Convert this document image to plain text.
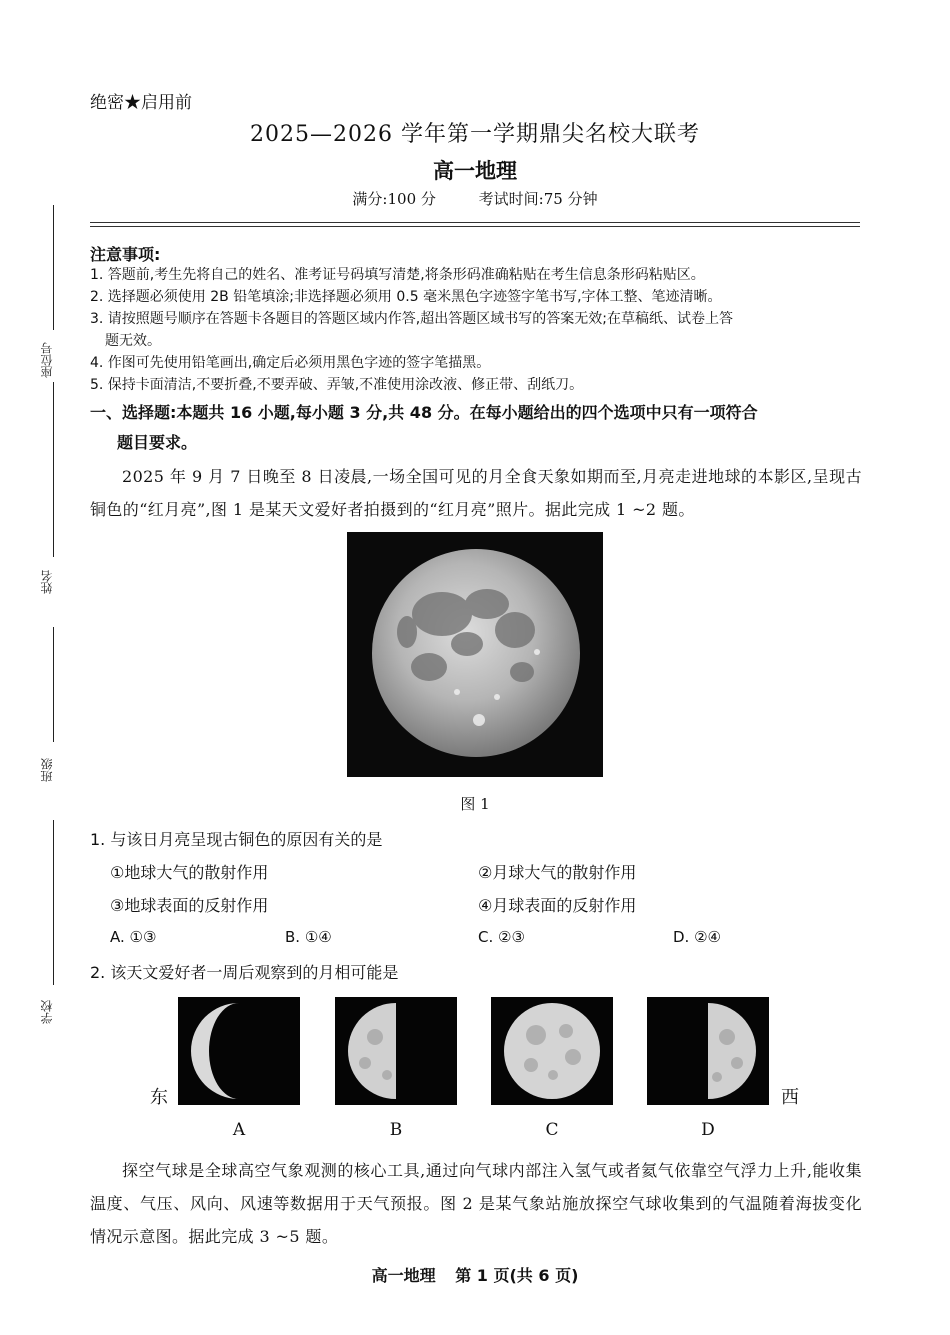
座位号
姓名
班级
学校
绝密★启用前
2025—2026 学年第一学期鼎尖名校大联考
高一地理
满分:100 分	考试时间:75 分钟
注意事项:
1. 答题前,考生先将自己的姓名、准考证号码填写清楚,将条形码准确粘贴在考生信息条形码粘贴区。
2. 选择题必须使用 2B 铅笔填涂;非选择题必须用 0.5 毫米黑色字迹签字笔书写,字体工整、笔迹清晰。
3. 请按照题号顺序在答题卡各题目的答题区域内作答,超出答题区域书写的答案无效;在草稿纸、试卷上答
题无效。
4. 作图可先使用铅笔画出,确定后必须用黑色字迹的签字笔描黑。
5. 保持卡面清洁,不要折叠,不要弄破、弄皱,不准使用涂改液、修正带、刮纸刀。
一、选择题:本题共 16 小题,每小题 3 分,共 48 分。在每小题给出的四个选项中只有一项符合
题目要求。
2025 年 9 月 7 日晚至 8 日凌晨,一场全国可见的月全食天象如期而至,月亮走进地球的本影区,呈现古铜色的“红月亮”,图 1 是某天文爱好者拍摄到的“红月亮”照片。据此完成 1 ~2 题。
图 1
1. 与该日月亮呈现古铜色的原因有关的是
①地球大气的散射作用	②月球大气的散射作用
③地球表面的反射作用	④月球表面的反射作用
A. ①③	B. ①④	C. ②③	D. ②④
2. 该天文爱好者一周后观察到的月相可能是
东	西
A	B	C	D
探空气球是全球高空气象观测的核心工具,通过向气球内部注入氢气或者氦气依靠空气浮力上升,能收集温度、气压、风向、风速等数据用于天气预报。图 2 是某气象站施放探空气球收集到的气温随着海拔变化情况示意图。据此完成 3 ~5 题。
高一地理 第 1 页(共 6 页)
